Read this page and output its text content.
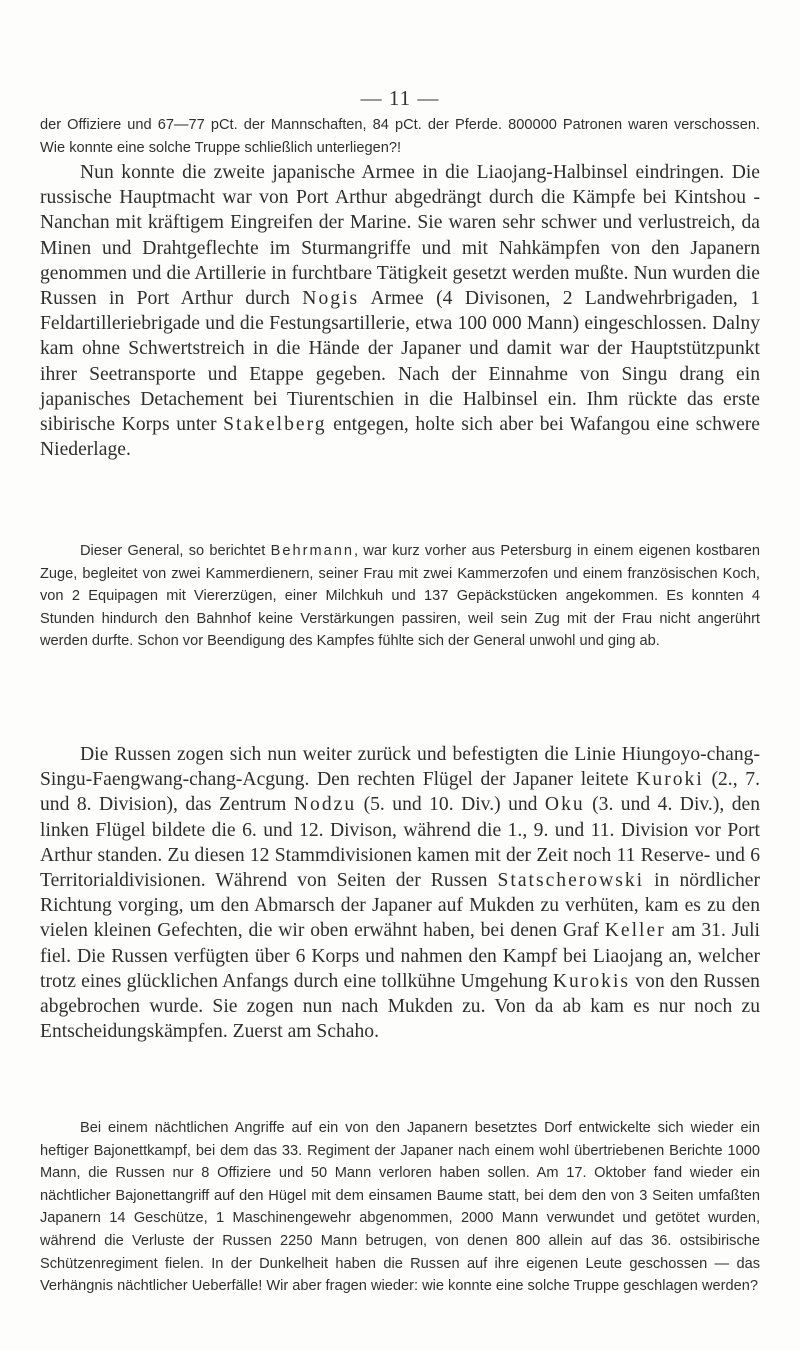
— 11 —

der Offiziere und 67—77 pCt. der Mannschaften, 84 pCt. der Pferde. 800000 Patronen waren verschossen. Wie konnte eine solche Truppe schließlich unterliegen?!

Nun konnte die zweite japanische Armee in die Liaojang-Halbinsel eindringen. Die russische Hauptmacht war von Port Arthur abgedrängt durch die Kämpfe bei Kintshou - Nanchan mit kräftigem Eingreifen der Marine. Sie waren sehr schwer und verlustreich, da Minen und Drahtgeflechte im Sturmangriffe und mit Nahkämpfen von den Japanern genommen und die Artillerie in furchtbare Tätigkeit gesetzt werden mußte. Nun wurden die Russen in Port Arthur durch Nogis Armee (4 Divisonen, 2 Landwehrbrigaden, 1 Feldartilleriebrigade und die Festungsartillerie, etwa 100 000 Mann) eingeschlossen. Dalny kam ohne Schwertstreich in die Hände der Japaner und damit war der Hauptstützpunkt ihrer Seetransporte und Etappe gegeben. Nach der Einnahme von Singu drang ein japanisches Detachement bei Tiurentschien in die Halbinsel ein. Ihm rückte das erste sibirische Korps unter Stakelberg entgegen, holte sich aber bei Wafangou eine schwere Niederlage.

Dieser General, so berichtet Behrmann, war kurz vorher aus Petersburg in einem eigenen kostbaren Zuge, begleitet von zwei Kammerdienern, seiner Frau mit zwei Kammerzofen und einem französischen Koch, von 2 Equipagen mit Viererzügen, einer Milchkuh und 137 Gepäckstücken angekommen. Es konnten 4 Stunden hindurch den Bahnhof keine Verstärkungen passiren, weil sein Zug mit der Frau nicht angerührt werden durfte. Schon vor Beendigung des Kampfes fühlte sich der General unwohl und ging ab.

Die Russen zogen sich nun weiter zurück und befestigten die Linie Hiungoyo-chang-Singu-Faengwang-chang-Acgung. Den rechten Flügel der Japaner leitete Kuroki (2., 7. und 8. Division), das Zentrum Nodzu (5. und 10. Div.) und Oku (3. und 4. Div.), den linken Flügel bildete die 6. und 12. Divison, während die 1., 9. und 11. Division vor Port Arthur standen. Zu diesen 12 Stammdivisionen kamen mit der Zeit noch 11 Reserve- und 6 Territorialdivisionen. Während von Seiten der Russen Statscherowski in nördlicher Richtung vorging, um den Abmarsch der Japaner auf Mukden zu verhüten, kam es zu den vielen kleinen Gefechten, die wir oben erwähnt haben, bei denen Graf Keller am 31. Juli fiel. Die Russen verfügten über 6 Korps und nahmen den Kampf bei Liaojang an, welcher trotz eines glücklichen Anfangs durch eine tollkühne Umgehung Kurokis von den Russen abgebrochen wurde. Sie zogen nun nach Mukden zu. Von da ab kam es nur noch zu Entscheidungskämpfen. Zuerst am Schaho.

Bei einem nächtlichen Angriffe auf ein von den Japanern besetztes Dorf entwickelte sich wieder ein heftiger Bajonettkampf, bei dem das 33. Regiment der Japaner nach einem wohl übertriebenen Berichte 1000 Mann, die Russen nur 8 Offiziere und 50 Mann verloren haben sollen. Am 17. Oktober fand wieder ein nächtlicher Bajonettangriff auf den Hügel mit dem einsamen Baume statt, bei dem den von 3 Seiten umfaßten Japanern 14 Geschütze, 1 Maschinengewehr abgenommen, 2000 Mann verwundet und getötet wurden, während die Verluste der Russen 2250 Mann betrugen, von denen 800 allein auf das 36. ostsibirische Schützenregiment fielen. In der Dunkelheit haben die Russen auf ihre eigenen Leute geschossen — das Verhängnis nächtlicher Ueberfälle! Wir aber fragen wieder: wie konnte eine solche Truppe geschlagen werden?
